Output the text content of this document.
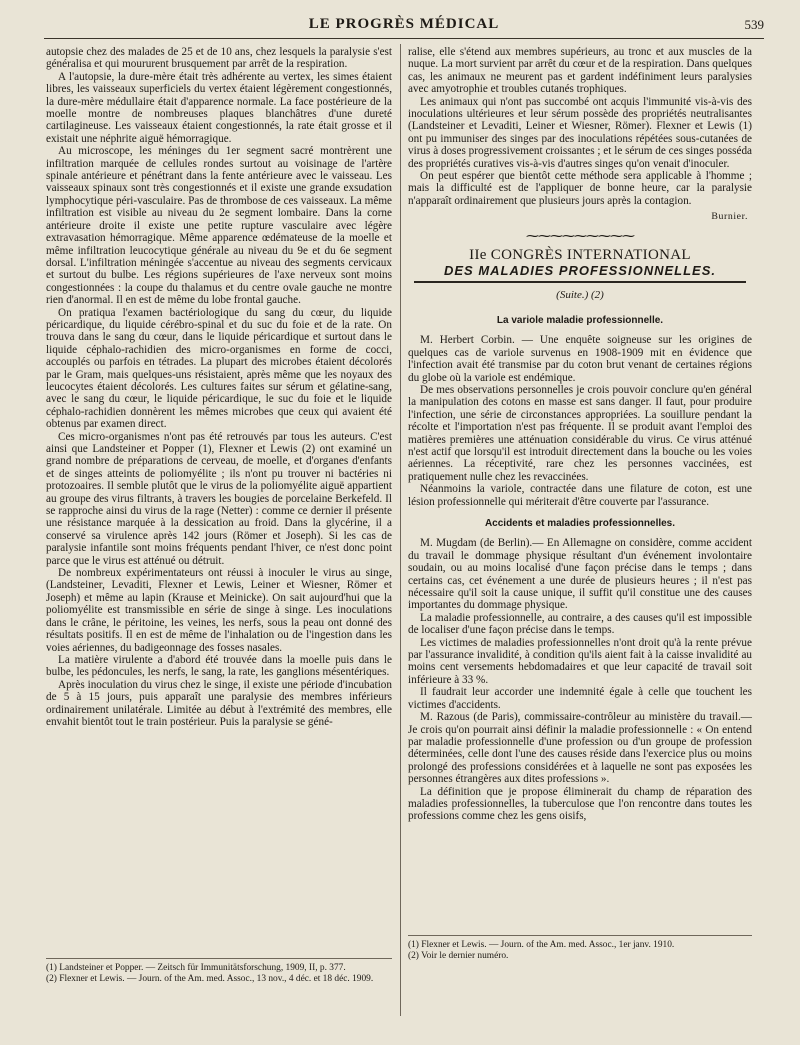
LE PROGRÈS MÉDICAL	539

autopsie chez des malades de 25 et de 10 ans, chez lesquels la paralysie s'est généralisa et qui moururent brusquement par arrêt de la respiration.

A l'autopsie, la dure-mère était très adhérente au vertex, les simes étaient libres, les vaisseaux superficiels du vertex étaient légèrement congestionnés, la dure-mère médullaire était d'apparence normale. La face postérieure de la moelle montre de nombreuses plaques blanchâtres d'une dureté cartilagineuse. Les vaisseaux étaient congestionnés, la rate était grosse et il existait une néphrite aiguë hémorragique.

Au microscope, les méninges du 1er segment sacré montrèrent une infiltration marquée de cellules rondes surtout au voisinage de l'artère spinale antérieure et pénétrant dans la fente antérieure avec le vaisseau. Les vaisseaux spinaux sont très congestionnés et il existe une grande exsudation lymphocytique péri-vasculaire. Pas de thrombose de ces vaisseaux. La même infiltration est visible au niveau du 2e segment lombaire. Dans la corne antérieure droite il existe une petite rupture vasculaire avec légère extravasation hémorragique. Même apparence œdémateuse de la moelle et même infiltration leucocytique générale au niveau du 9e et du 6e segment dorsal. L'infiltration méningée s'accentue au niveau des segments cervicaux et surtout du bulbe. Les régions supérieures de l'axe nerveux sont moins congestionnées : la coupe du thalamus et du centre ovale gauche ne montre rien d'anormal. Il en est de même du lobe frontal gauche.

On pratiqua l'examen bactériologique du sang du cœur, du liquide péricardique, du liquide cérébro-spinal et du suc du foie et de la rate. On trouva dans le sang du cœur, dans le liquide péricardique et surtout dans le liquide céphalo-rachidien des micro-organismes en forme de cocci, accouplés ou parfois en tétrades. La plupart des microbes étaient décolorés par le Gram, mais quelques-uns résistaient, après même que les noyaux des leucocytes étaient décolorés. Les cultures faites sur sérum et gélatine-sang, avec le sang du cœur, le liquide péricardique, le suc du foie et le liquide céphalo-rachidien donnèrent les mêmes microbes que ceux qui avaient été obtenus par examen direct.

Ces micro-organismes n'ont pas été retrouvés par tous les auteurs. C'est ainsi que Landsteiner et Popper (1), Flexner et Lewis (2) ont examiné un grand nombre de préparations de cerveau, de moelle, et d'organes d'enfants et de singes atteints de poliomyélite ; ils n'ont pu trouver ni bactéries ni protozoaires. Il semble plutôt que le virus de la poliomyélite aiguë appartient au groupe des virus filtrants, à travers les bougies de porcelaine Berkefeld. Il se rapproche ainsi du virus de la rage (Netter) : comme ce dernier il présente une résistance marquée à la dessication au froid. Dans la glycérine, il a conservé sa virulence après 142 jours (Römer et Joseph). Si les cas de paralysie infantile sont moins fréquents pendant l'hiver, ce n'est donc point parce que le virus est atténué ou détruit.

De nombreux expérimentateurs ont réussi à inoculer le virus au singe, (Landsteiner, Levaditi, Flexner et Lewis, Leiner et Wiesner, Römer et Joseph) et même au lapin (Krause et Meinicke). On sait aujourd'hui que la poliomyélite est transmissible en série de singe à singe. Les inoculations dans le crâne, le péritoine, les veines, les nerfs, sous la peau ont donné des résultats positifs. Il en est de même de l'inhalation ou de l'ingestion dans les voies aériennes, du badigeonnage des fosses nasales.

La matière virulente a d'abord été trouvée dans la moelle puis dans le bulbe, les pédoncules, les nerfs, le sang, la rate, les ganglions mésentériques.

Après inoculation du virus chez le singe, il existe une période d'incubation de 5 à 15 jours, puis apparaît une paralysie des membres inférieurs ordinairement unilatérale. Limitée au début à l'extrémité des membres, elle envahit bientôt tout le train postérieur. Puis la paralysie se géné-

ralise, elle s'étend aux membres supérieurs, au tronc et aux muscles de la nuque. La mort survient par arrêt du cœur et de la respiration. Dans quelques cas, les animaux ne meurent pas et gardent indéfiniment leurs paralysies avec amyotrophie et troubles cutanés trophiques.

Les animaux qui n'ont pas succombé ont acquis l'immunité vis-à-vis des inoculations ultérieures et leur sérum possède des propriétés neutralisantes (Landsteiner et Levaditi, Leiner et Wiesner, Römer). Flexner et Lewis (1) ont pu immuniser des singes par des inoculations répétées sous-cutanées de virus à doses progressivement croissantes ; et le sérum de ces singes posséda des propriétés curatives vis-à-vis d'autres singes qu'on venait d'inoculer.

On peut espérer que bientôt cette méthode sera applicable à l'homme ; mais la difficulté est de l'appliquer de bonne heure, car la paralysie n'apparaît ordinairement que plusieurs jours après la contagion.

Burnier.
⁓⁓⁓⁓⁓⁓⁓⁓⁓
IIe CONGRÈS INTERNATIONAL
DES MALADIES PROFESSIONNELLES.
(Suite.) (2)
La variole maladie professionnelle.

M. Herbert Corbin. — Une enquête soigneuse sur les origines de quelques cas de variole survenus en 1908-1909 mit en évidence que l'infection avait été transmise par du coton brut venant de certaines régions du globe où la variole est endémique.

De mes observations personnelles je crois pouvoir conclure qu'en général la manipulation des cotons en masse est sans danger. Il faut, pour produire l'infection, une série de circonstances appropriées. La souillure pendant la récolte et l'importation n'est pas fréquente. Il se produit avant l'emploi des matières premières une atténuation considérable du virus. Ce virus atténué n'est actif que lorsqu'il est introduit directement dans la bouche ou les voies aériennes. La réceptivité, rare chez les personnes vaccinées, est pratiquement nulle chez les revaccinées.

Néanmoins la variole, contractée dans une filature de coton, est une lésion professionnelle qui mériterait d'être couverte par l'assurance.

Accidents et maladies professionnelles.

M. Mugdam (de Berlin).— En Allemagne on considère, comme accident du travail le dommage physique résultant d'un événement involontaire soudain, ou au moins localisé d'une façon précise dans le temps ; dans certains cas, cet événement a une durée de plusieurs heures ; il n'est pas nécessaire qu'il soit la cause unique, il suffit qu'il constitue une des causes importantes du dommage physique.

La maladie professionnelle, au contraire, a des causes qu'il est impossible de localiser d'une façon précise dans le temps.

Les victimes de maladies professionnelles n'ont droit qu'à la rente prévue par l'assurance invalidité, à condition qu'ils aient fait à la caisse invalidité au moins cent versements hebdomadaires et que leur capacité de travail soit inférieure à 33 %.

Il faudrait leur accorder une indemnité égale à celle que touchent les victimes d'accidents.

M. Razous (de Paris), commissaire-contrôleur au ministère du travail.— Je crois qu'on pourrait ainsi définir la maladie professionnelle : « On entend par maladie professionnelle d'une profession ou d'un groupe de profession déterminées, celle dont l'une des causes réside dans l'exercice plus ou moins prolongé des professions considérées et à laquelle ne sont pas exposées les personnes étrangères aux dites professions ».

La définition que je propose éliminerait du champ de réparation des maladies professionnelles, la tuberculose que l'on rencontre dans toutes les professions comme chez les gens oisifs,

(1) Landsteiner et Popper. — Zeitsch für Immunitätsforschung, 1909, II, p. 377.

(2) Flexner et Lewis. — Journ. of the Am. med. Assoc., 13 nov., 4 déc. et 18 déc. 1909.

(1) Flexner et Lewis. — Journ. of the Am. med. Assoc., 1er janv. 1910.

(2) Voir le dernier numéro.
